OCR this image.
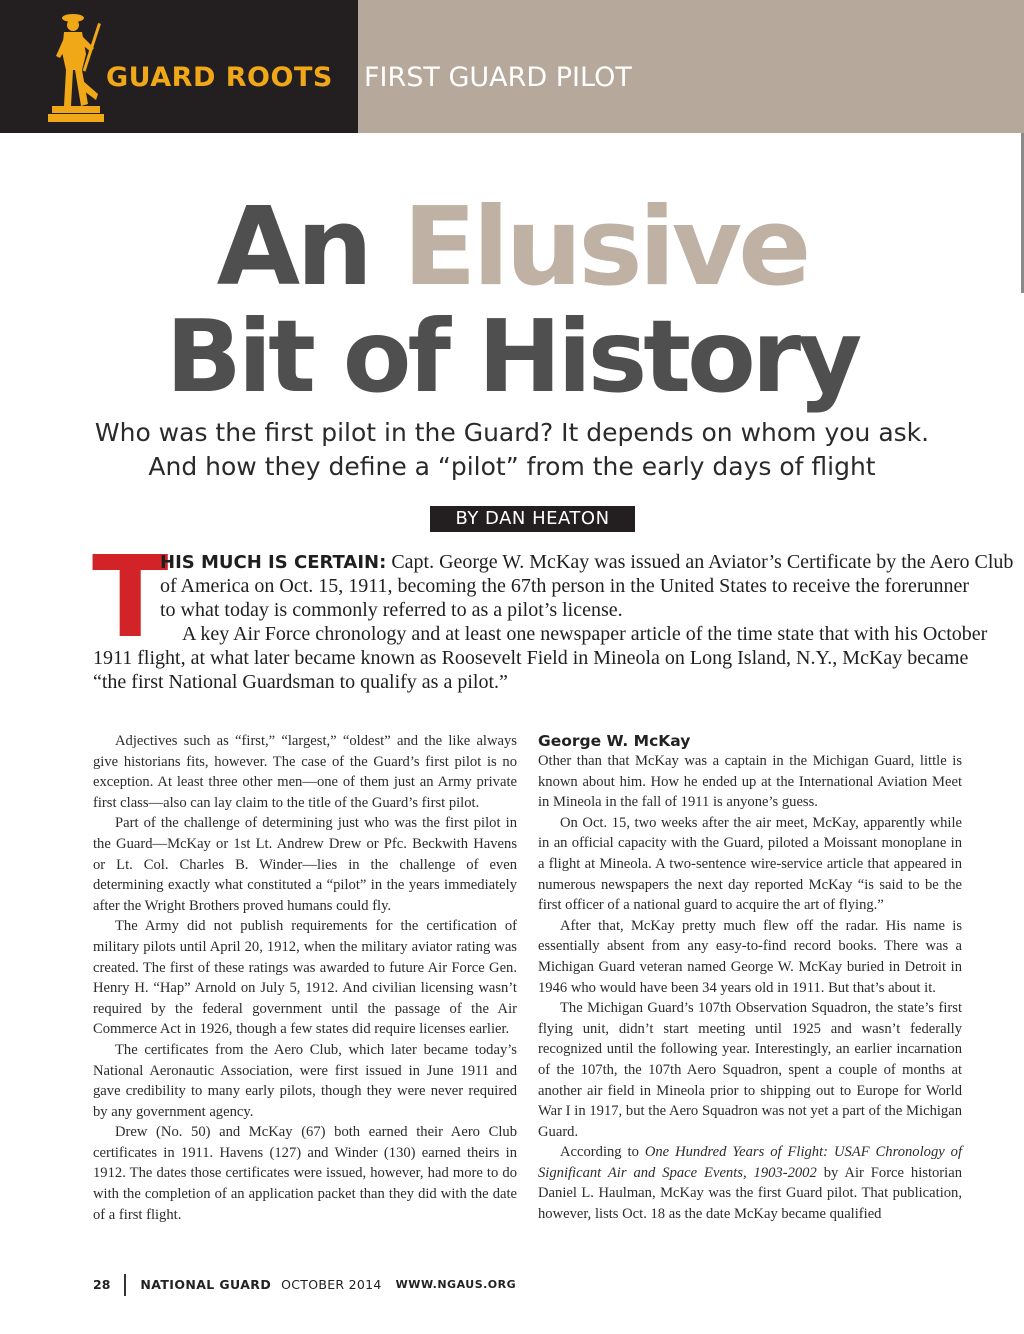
GUARD ROOTS FIRST GUARD PILOT
An Elusive
Bit of History
Who was the first pilot in the Guard? It depends on whom you ask.
And how they define a “pilot” from the early days of flight
BY DAN HEATON
T
HIS MUCH IS CERTAIN: Capt. George W. McKay was issued an Aviator’s Certificate by the Aero Club
of America on Oct. 15, 1911, becoming the 67th person in the United States to receive the forerunner
to what today is commonly referred to as a pilot’s license.
A key Air Force chronology and at least one newspaper article of the time state that with his October
1911 flight, at what later became known as Roosevelt Field in Mineola on Long Island, N.Y., McKay became
“the first National Guardsman to qualify as a pilot.”

Adjectives such as “first,” “largest,” “oldest” and the like always give historians fits, however. The case of the Guard’s first pilot is no exception. At least three other men—one of them just an Army private first class—also can lay claim to the title of the Guard’s first pilot.

Part of the challenge of determining just who was the first pilot in the Guard—McKay or 1st Lt. Andrew Drew or Pfc. Beckwith Havens or Lt. Col. Charles B. Winder—lies in the challenge of even determining exactly what constituted a “pilot” in the years immediately after the Wright Brothers proved humans could fly.

The Army did not publish requirements for the certification of military pilots until April 20, 1912, when the military aviator rating was created. The first of these ratings was awarded to future Air Force Gen. Henry H. “Hap” Arnold on July 5, 1912. And civilian licensing wasn’t required by the federal government until the passage of the Air Commerce Act in 1926, though a few states did require licenses earlier.

The certificates from the Aero Club, which later became today’s National Aeronautic Association, were first issued in June 1911 and gave credibility to many early pilots, though they were never required by any government agency.

Drew (No. 50) and McKay (67) both earned their Aero Club certificates in 1911. Havens (127) and Winder (130) earned theirs in 1912. The dates those certificates were issued, however, had more to do with the completion of an application packet than they did with the date of a first flight.

George W. McKay

Other than that McKay was a captain in the Michigan Guard, little is known about him. How he ended up at the International Aviation Meet in Mineola in the fall of 1911 is anyone’s guess.

On Oct. 15, two weeks after the air meet, McKay, apparently while in an official capacity with the Guard, piloted a Moissant monoplane in a flight at Mineola. A two-sentence wire-service article that appeared in numerous newspapers the next day reported McKay “is said to be the first officer of a national guard to acquire the art of flying.”

After that, McKay pretty much flew off the radar. His name is essentially absent from any easy-to-find record books. There was a Michigan Guard veteran named George W. McKay buried in Detroit in 1946 who would have been 34 years old in 1911. But that’s about it.

The Michigan Guard’s 107th Observation Squadron, the state’s first flying unit, didn’t start meeting until 1925 and wasn’t federally recognized until the following year. Interestingly, an earlier incarnation of the 107th, the 107th Aero Squadron, spent a couple of months at another air field in Mineola prior to shipping out to Europe for World War I in 1917, but the Aero Squadron was not yet a part of the Michigan Guard.

According to One Hundred Years of Flight: USAF Chronology of Significant Air and Space Events, 1903-2002 by Air Force historian Daniel L. Haulman, McKay was the first Guard pilot. That publication, however, lists Oct. 18 as the date McKay became qualified

28 NATIONAL GUARD OCTOBER 2014 WWW.NGAUS.ORG
